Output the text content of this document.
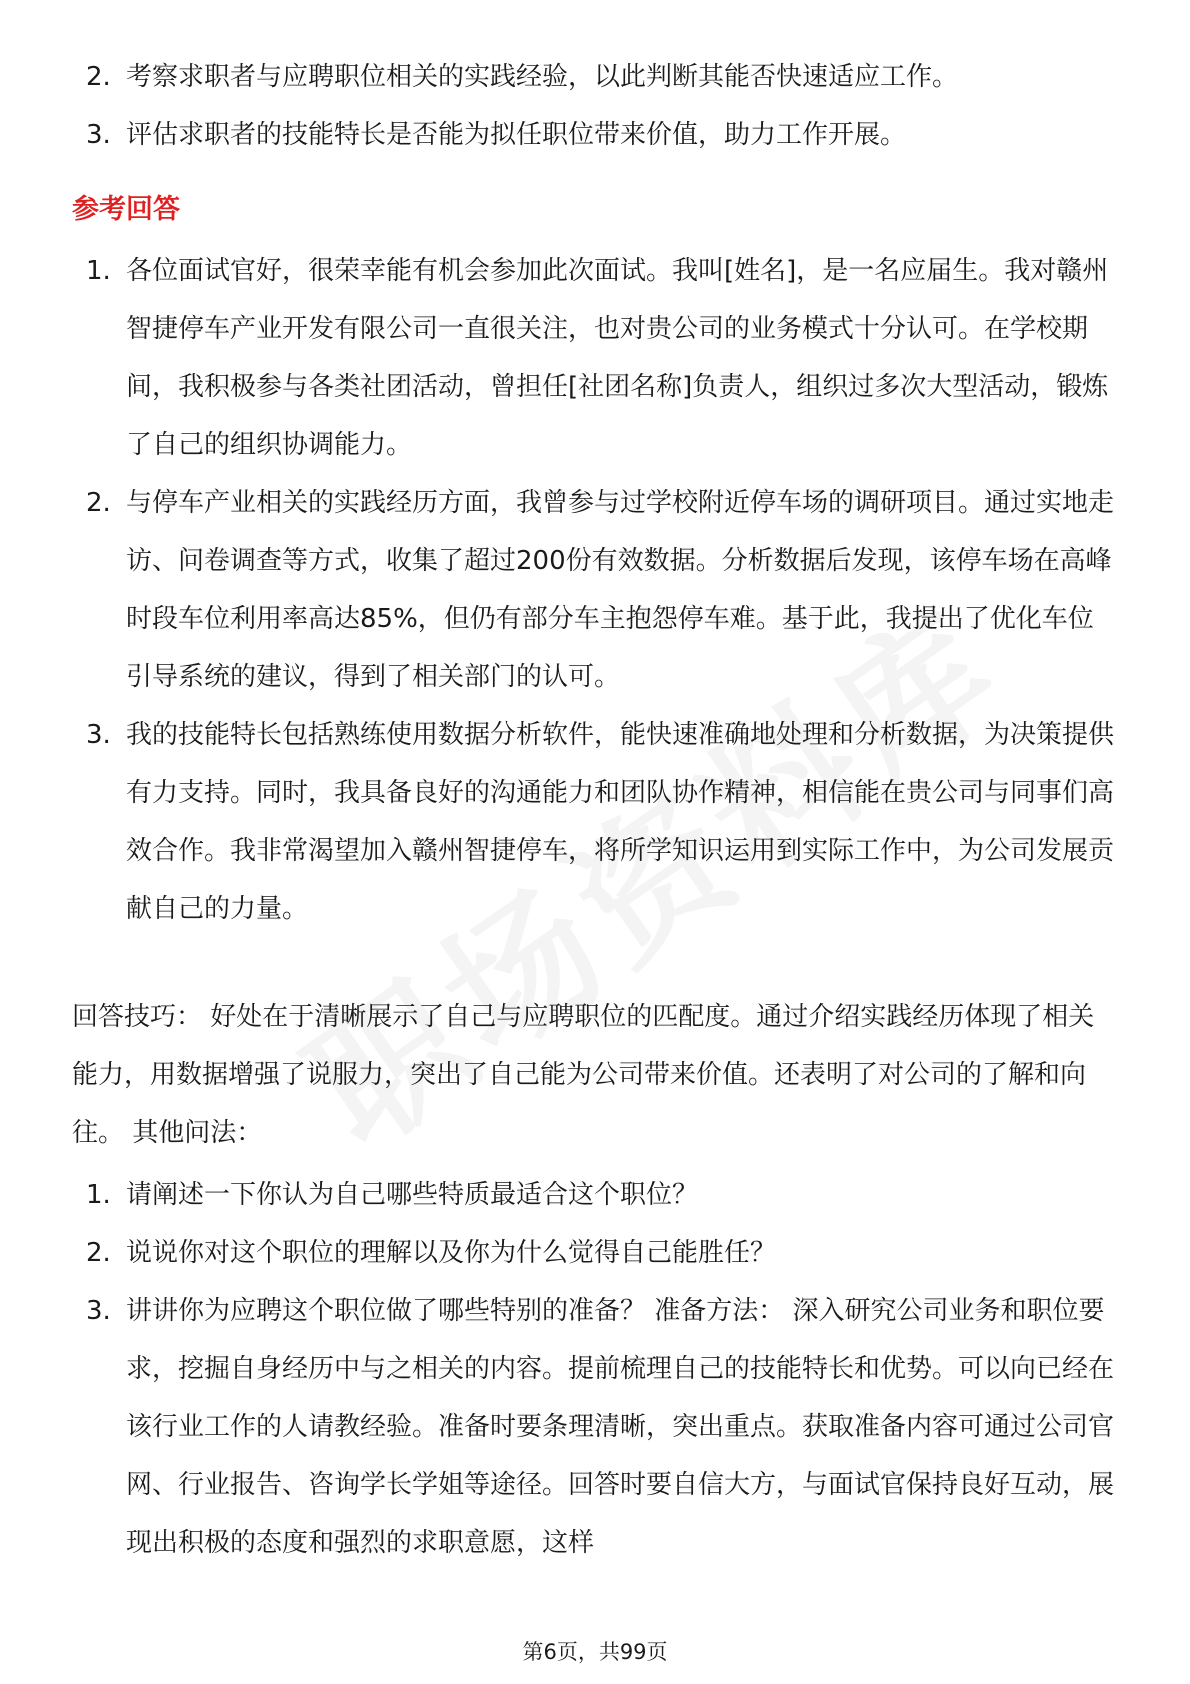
2. 考察求职者与应聘职位相关的实践经验，以此判断其能否快速适应工作。
3. 评估求职者的技能特长是否能为拟任职位带来价值，助力工作开展。
参考回答
1. 各位面试官好，很荣幸能有机会参加此次面试。我叫[姓名]，是一名应届生。我对赣州智捷停车产业开发有限公司一直很关注，也对贵公司的业务模式十分认可。在学校期间，我积极参与各类社团活动，曾担任[社团名称]负责人，组织过多次大型活动，锻炼了自己的组织协调能力。
2. 与停车产业相关的实践经历方面，我曾参与过学校附近停车场的调研项目。通过实地走访、问卷调查等方式，收集了超过200份有效数据。分析数据后发现，该停车场在高峰时段车位利用率高达85%，但仍有部分车主抱怨停车难。基于此，我提出了优化车位引导系统的建议，得到了相关部门的认可。
3. 我的技能特长包括熟练使用数据分析软件，能快速准确地处理和分析数据，为决策提供有力支持。同时，我具备良好的沟通能力和团队协作精神，相信能在贵公司与同事们高效合作。我非常渴望加入赣州智捷停车，将所学知识运用到实际工作中，为公司发展贡献自己的力量。
回答技巧： 好处在于清晰展示了自己与应聘职位的匹配度。通过介绍实践经历体现了相关能力，用数据增强了说服力，突出了自己能为公司带来价值。还表明了对公司的了解和向往。 其他问法：
1. 请阐述一下你认为自己哪些特质最适合这个职位？
2. 说说你对这个职位的理解以及你为什么觉得自己能胜任？
3. 讲讲你为应聘这个职位做了哪些特别的准备？ 准备方法： 深入研究公司业务和职位要求，挖掘自身经历中与之相关的内容。提前梳理自己的技能特长和优势。可以向已经在该行业工作的人请教经验。准备时要条理清晰，突出重点。获取准备内容可通过公司官网、行业报告、咨询学长学姐等途径。回答时要自信大方，与面试官保持良好互动，展现出积极的态度和强烈的求职意愿，这样
第6页，共99页
